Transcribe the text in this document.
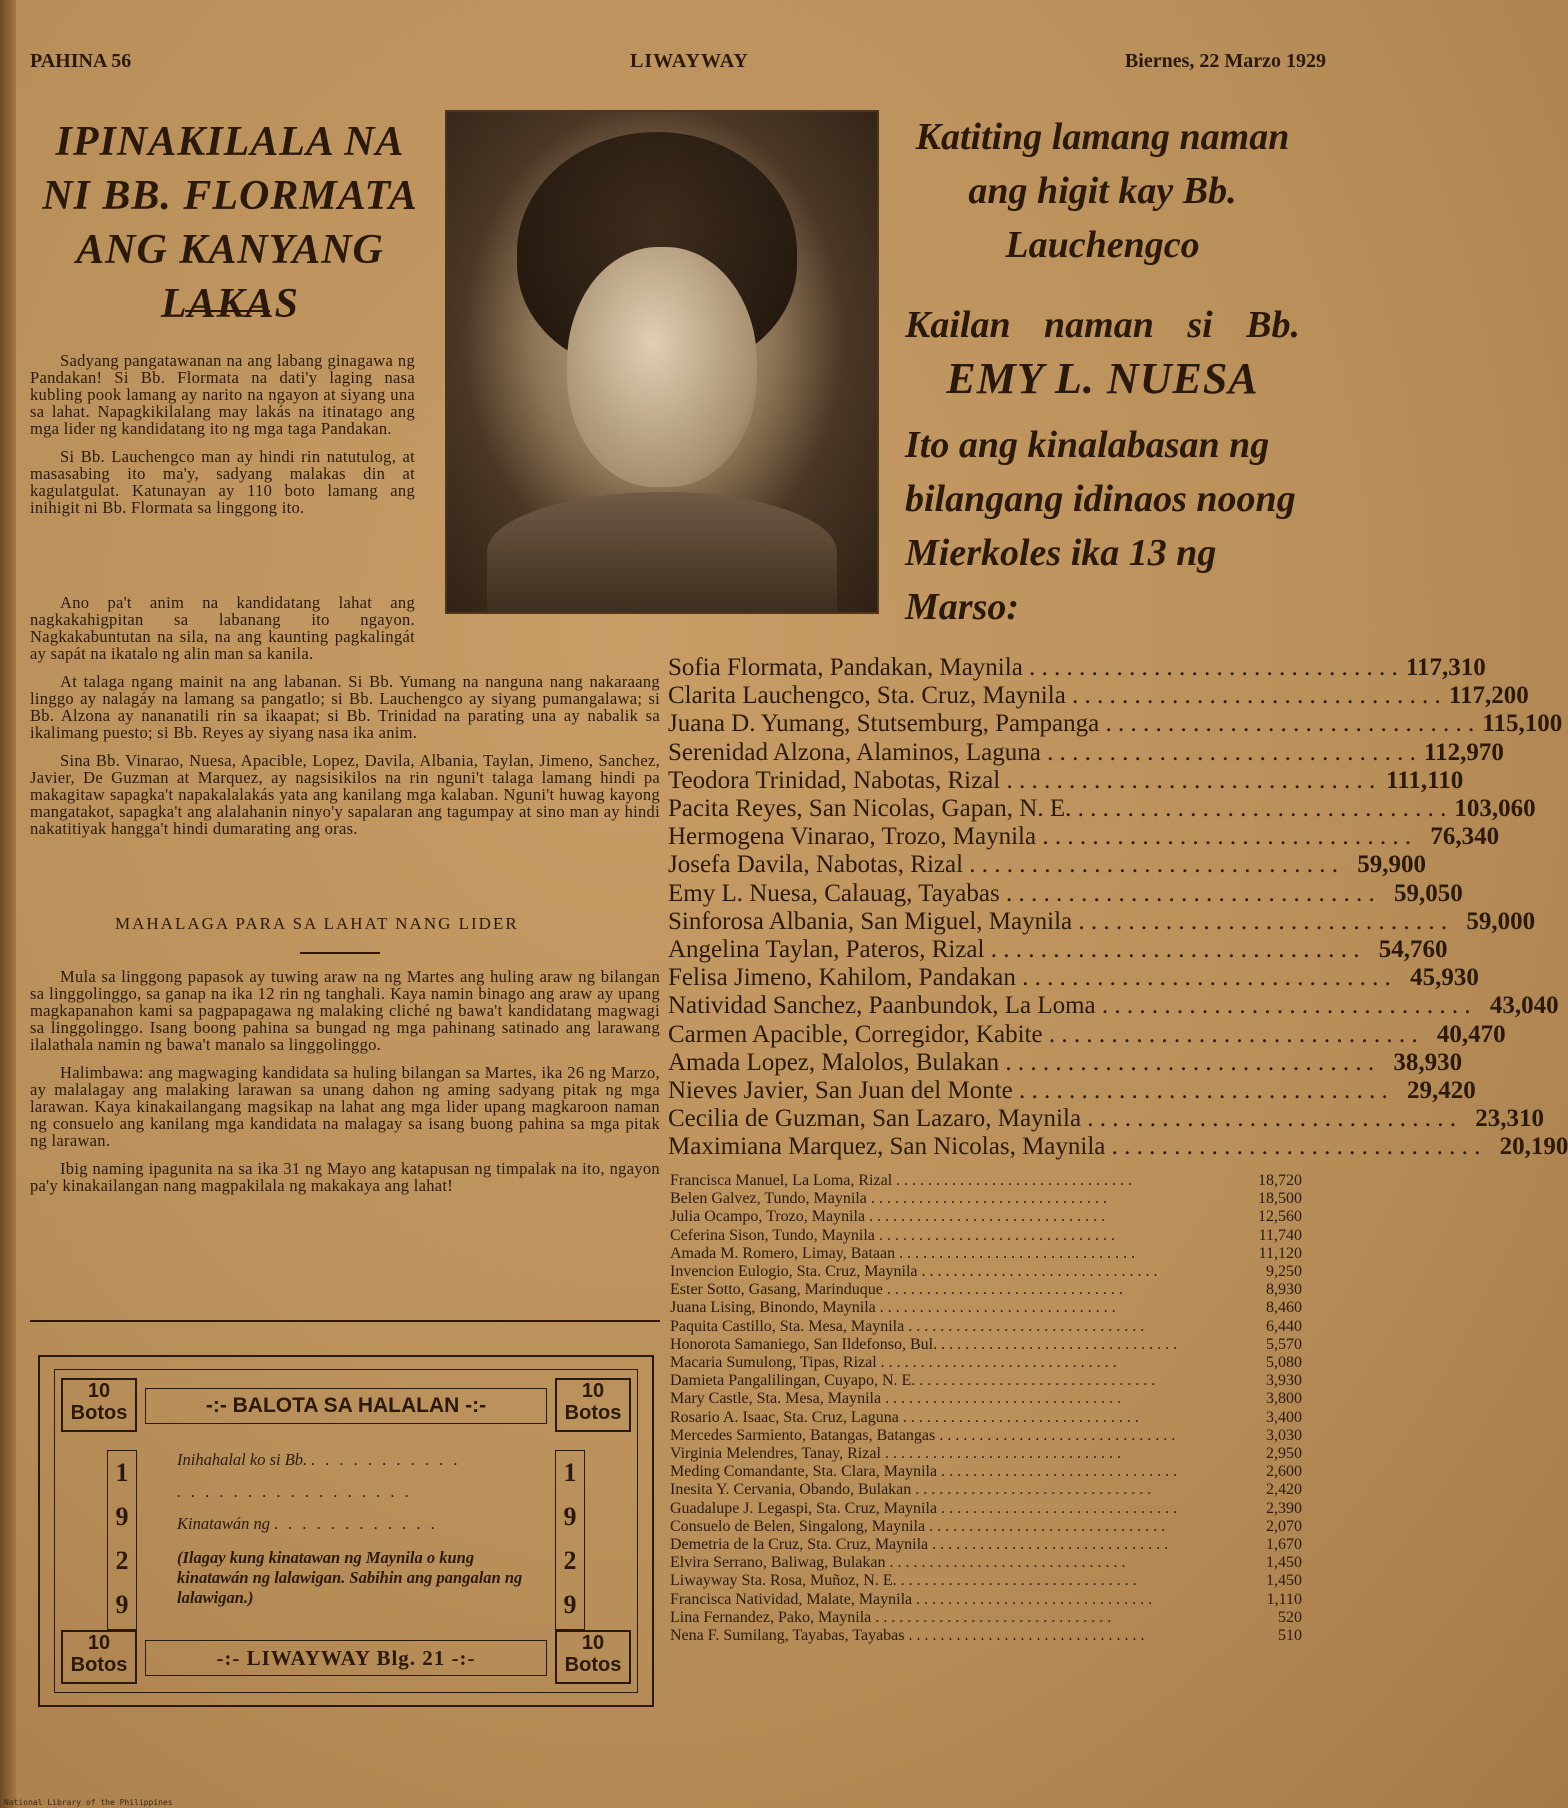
PAHINA 56	LIWAYWAY	Biernes, 22 Marzo 1929
IPINAKILALA NA NI BB. FLORMATA ANG KANYANG LAKAS

Sadyang pangatawanan na ang labang ginagawa ng Pandakan! Si Bb. Flormata na dati'y laging nasa kubling pook lamang ay narito na ngayon at siyang una sa lahat. Napagkikilalang may lakás na itinatago ang mga lider ng kandidatang ito ng mga taga Pandakan.

Si Bb. Lauchengco man ay hindi rin natutulog, at masasabing ito ma'y, sadyang malakas din at kagulatgulat. Katunayan ay 110 boto lamang ang inihigit ni Bb. Flormata sa linggong ito.

Ano pa't anim na kandidatang lahat ang nagkakahigpitan sa labanang ito ngayon. Nagkakabuntutan na sila, na ang kaunting pagkalingát ay sapát na ikatalo ng alin man sa kanila.

At talaga ngang mainit na ang labanan. Si Bb. Yumang na nanguna nang nakaraang linggo ay nalagáy na lamang sa pangatlo; si Bb. Lauchengco ay siyang pumangalawa; si Bb. Alzona ay nananatili rin sa ikaapat; si Bb. Trinidad na parating una ay nabalik sa ikalimang puesto; si Bb. Reyes ay siyang nasa ika anim.

Sina Bb. Vinarao, Nuesa, Apacible, Lopez, Davila, Albania, Taylan, Jimeno, Sanchez, Javier, De Guzman at Marquez, ay nagsisikilos na rin nguni't talaga lamang hindi pa makagitaw sapagka't napakalalakás yata ang kanilang mga kalaban. Nguni't huwag kayong mangatakot, sapagka't ang alalahanin ninyo'y sapalaran ang tagumpay at sino man ay hindi nakatitiyak hangga't hindi dumarating ang oras.

MAHALAGA PARA SA LAHAT NANG LIDER

Mula sa linggong papasok ay tuwing araw na ng Martes ang huling araw ng bilangan sa linggolinggo, sa ganap na ika 12 rin ng tanghali. Kaya namin binago ang araw ay upang magkapanahon kami sa pagpapagawa ng malaking cliché ng bawa't kandidatang magwagi sa linggolinggo. Isang boong pahina sa bungad ng mga pahinang satinado ang larawang ilalathala namin ng bawa't manalo sa linggolinggo.

Halimbawa: ang magwaging kandidata sa huling bilangan sa Martes, ika 26 ng Marzo, ay malalagay ang malaking larawan sa unang dahon ng aming sadyang pitak ng mga larawan. Kaya kinakailangang magsikap na lahat ang mga lider upang magkaroon naman ng consuelo ang kanilang mga kandidata na malagay sa isang buong pahina sa mga pitak ng larawan.

Ibig naming ipagunita na sa ika 31 ng Mayo ang katapusan ng timpalak na ito, ngayon pa'y kinakailangan nang magpakilala ng makakaya ang lahat!

Katiting lamang naman ang higit kay Bb. Lauchengco
Kailan naman si Bb.
EMY L. NUESA
Ito ang kinalabasan ng bilangang idinaos noong Mierkoles ika 13 ng Marso:
Sofia Flormata, Pandakan, Maynila . . . . . . . . . . . . . . . . . . . . . . . . . . . . . . 117,310
Clarita Lauchengco, Sta. Cruz, Maynila . . . . . . . . . . . . . . . . . . . . . . . . . . . . . . 117,200
Juana D. Yumang, Stutsemburg, Pampanga . . . . . . . . . . . . . . . . . . . . . . . . . . . . . . 115,100
Serenidad Alzona, Alaminos, Laguna . . . . . . . . . . . . . . . . . . . . . . . . . . . . . . 112,970
Teodora Trinidad, Nabotas, Rizal . . . . . . . . . . . . . . . . . . . . . . . . . . . . . . 111,110
Pacita Reyes, San Nicolas, Gapan, N. E. . . . . . . . . . . . . . . . . . . . . . . . . . . . . . . 103,060
Hermogena Vinarao, Trozo, Maynila . . . . . . . . . . . . . . . . . . . . . . . . . . . . . . 76,340
Josefa Davila, Nabotas, Rizal . . . . . . . . . . . . . . . . . . . . . . . . . . . . . . 59,900
Emy L. Nuesa, Calauag, Tayabas . . . . . . . . . . . . . . . . . . . . . . . . . . . . . . 59,050
Sinforosa Albania, San Miguel, Maynila . . . . . . . . . . . . . . . . . . . . . . . . . . . . . . 59,000
Angelina Taylan, Pateros, Rizal . . . . . . . . . . . . . . . . . . . . . . . . . . . . . . 54,760
Felisa Jimeno, Kahilom, Pandakan . . . . . . . . . . . . . . . . . . . . . . . . . . . . . . 45,930
Natividad Sanchez, Paanbundok, La Loma . . . . . . . . . . . . . . . . . . . . . . . . . . . . . . 43,040
Carmen Apacible, Corregidor, Kabite . . . . . . . . . . . . . . . . . . . . . . . . . . . . . . 40,470
Amada Lopez, Malolos, Bulakan . . . . . . . . . . . . . . . . . . . . . . . . . . . . . . 38,930
Nieves Javier, San Juan del Monte . . . . . . . . . . . . . . . . . . . . . . . . . . . . . . 29,420
Cecilia de Guzman, San Lazaro, Maynila . . . . . . . . . . . . . . . . . . . . . . . . . . . . . . 23,310
Maximiana Marquez, San Nicolas, Maynila . . . . . . . . . . . . . . . . . . . . . . . . . . . . . . 20,190
Francisca Manuel, La Loma, Rizal . . . . . . . . . . . . . . . . . . . . . . . . . . . . . .	18,720
Belen Galvez, Tundo, Maynila . . . . . . . . . . . . . . . . . . . . . . . . . . . . . .	18,500
Julia Ocampo, Trozo, Maynila . . . . . . . . . . . . . . . . . . . . . . . . . . . . . .	12,560
Ceferina Sison, Tundo, Maynila . . . . . . . . . . . . . . . . . . . . . . . . . . . . . .	11,740
Amada M. Romero, Limay, Bataan . . . . . . . . . . . . . . . . . . . . . . . . . . . . . .	11,120
Invencion Eulogio, Sta. Cruz, Maynila . . . . . . . . . . . . . . . . . . . . . . . . . . . . . .	9,250
Ester Sotto, Gasang, Marinduque . . . . . . . . . . . . . . . . . . . . . . . . . . . . . .	8,930
Juana Lising, Binondo, Maynila . . . . . . . . . . . . . . . . . . . . . . . . . . . . . .	8,460
Paquita Castillo, Sta. Mesa, Maynila . . . . . . . . . . . . . . . . . . . . . . . . . . . . . .	6,440
Honorota Samaniego, San Ildefonso, Bul. . . . . . . . . . . . . . . . . . . . . . . . . . . . . . .	5,570
Macaria Sumulong, Tipas, Rizal . . . . . . . . . . . . . . . . . . . . . . . . . . . . . .	5,080
Damieta Pangalilingan, Cuyapo, N. E. . . . . . . . . . . . . . . . . . . . . . . . . . . . . . .	3,930
Mary Castle, Sta. Mesa, Maynila . . . . . . . . . . . . . . . . . . . . . . . . . . . . . .	3,800
Rosario A. Isaac, Sta. Cruz, Laguna . . . . . . . . . . . . . . . . . . . . . . . . . . . . . .	3,400
Mercedes Sarmiento, Batangas, Batangas . . . . . . . . . . . . . . . . . . . . . . . . . . . . . .	3,030
Virginia Melendres, Tanay, Rizal . . . . . . . . . . . . . . . . . . . . . . . . . . . . . .	2,950
Meding Comandante, Sta. Clara, Maynila . . . . . . . . . . . . . . . . . . . . . . . . . . . . . .	2,600
Inesita Y. Cervania, Obando, Bulakan . . . . . . . . . . . . . . . . . . . . . . . . . . . . . .	2,420
Guadalupe J. Legaspi, Sta. Cruz, Maynila . . . . . . . . . . . . . . . . . . . . . . . . . . . . . .	2,390
Consuelo de Belen, Singalong, Maynila . . . . . . . . . . . . . . . . . . . . . . . . . . . . . .	2,070
Demetria de la Cruz, Sta. Cruz, Maynila . . . . . . . . . . . . . . . . . . . . . . . . . . . . . .	1,670
Elvira Serrano, Baliwag, Bulakan . . . . . . . . . . . . . . . . . . . . . . . . . . . . . .	1,450
Liwayway Sta. Rosa, Muñoz, N. E. . . . . . . . . . . . . . . . . . . . . . . . . . . . . . .	1,450
Francisca Natividad, Malate, Maynila . . . . . . . . . . . . . . . . . . . . . . . . . . . . . .	1,110
Lina Fernandez, Pako, Maynila . . . . . . . . . . . . . . . . . . . . . . . . . . . . . .	520
Nena F. Sumilang, Tayabas, Tayabas . . . . . . . . . . . . . . . . . . . . . . . . . . . . . .	510
10
Botos
10
Botos
10
Botos
10
Botos
-:- BALOTA SA HALALAN -:-
1
9
2
9
1
9
2
9
Inihahalal ko si Bb. . . . . . . . . . . .
. . . . . . . . . . . . . . . . .
Kinatawán ng . . . . . . . . . . . .
(Ilagay kung kinatawan ng Maynila o kung kinatawán ng lalawigan. Sabihin ang pangalan ng lalawigan.)
-:- LIWAYWAY Blg. 21 -:-
National Library of the Philippines
